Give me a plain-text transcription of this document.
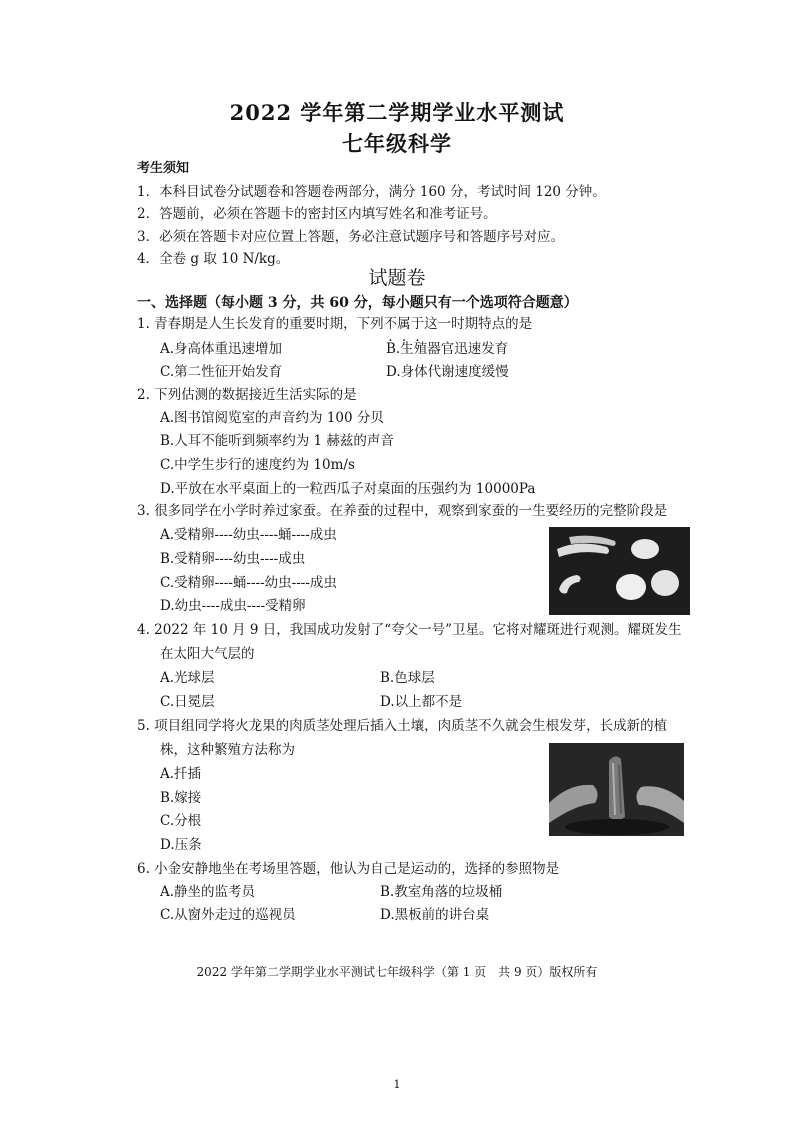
2022 学年第二学期学业水平测试
七年级科学
考生须知
1．本科目试卷分试题卷和答题卷两部分，满分 160 分，考试时间 120 分钟。
2．答题前，必须在答题卡的密封区内填写姓名和准考证号。
3．必须在答题卡对应位置上答题，务必注意试题序号和答题序号对应。
4．全卷 g 取 10 N/kg。
试题卷
一、选择题（每小题 3 分，共 60 分，每小题只有一个选项符合题意）
1. 青春期是人生长发育的重要时期，下列不属于这一时期特点的是
A.身高体重迅速增加	B.生殖器官迅速发育
C.第二性征开始发育	D.身体代谢速度缓慢
2. 下列估测的数据接近生活实际的是
A.图书馆阅览室的声音约为 100 分贝
B.人耳不能听到频率约为 1 赫兹的声音
C.中学生步行的速度约为 10m/s
D.平放在水平桌面上的一粒西瓜子对桌面的压强约为 10000Pa
3. 很多同学在小学时养过家蚕。在养蚕的过程中，观察到家蚕的一生要经历的完整阶段是
A.受精卵----幼虫----蛹----成虫
B.受精卵----幼虫----成虫
C.受精卵----蛹----幼虫----成虫
D.幼虫----成虫----受精卵
4. 2022 年 10 月 9 日，我国成功发射了“夸父一号”卫星。它将对耀斑进行观测。耀斑发生
在太阳大气层的
A.光球层	B.色球层
C.日冕层	D.以上都不是
5. 项目组同学将火龙果的肉质茎处理后插入土壤，肉质茎不久就会生根发芽，长成新的植
株，这种繁殖方法称为
A.扦插
B.嫁接
C.分根
D.压条
6. 小金安静地坐在考场里答题，他认为自己是运动的，选择的参照物是
A.静坐的监考员	B.教室角落的垃圾桶
C.从窗外走过的巡视员	D.黑板前的讲台桌
2022 学年第二学期学业水平测试七年级科学（第 1 页　共 9 页）版权所有
1
